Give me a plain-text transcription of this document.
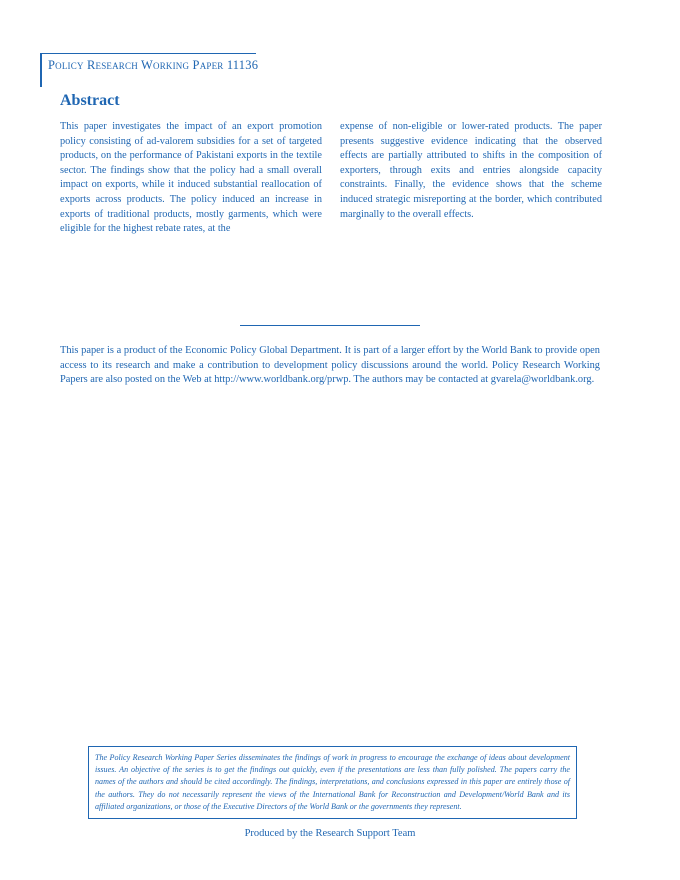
Policy Research Working Paper 11136
Abstract

This paper investigates the impact of an export promotion policy consisting of ad-valorem subsidies for a set of targeted products, on the performance of Pakistani exports in the textile sector. The findings show that the policy had a small overall impact on exports, while it induced substantial reallocation of exports across products. The policy induced an increase in exports of traditional products, mostly garments, which were eligible for the highest rebate rates, at the

expense of non-eligible or lower-rated products. The paper presents suggestive evidence indicating that the observed effects are partially attributed to shifts in the composition of exporters, through exits and entries alongside capacity constraints. Finally, the evidence shows that the scheme induced strategic misreporting at the border, which contributed marginally to the overall effects.

This paper is a product of the Economic Policy Global Department. It is part of a larger effort by the World Bank to provide open access to its research and make a contribution to development policy discussions around the world. Policy Research Working Papers are also posted on the Web at http://www.worldbank.org/prwp. The authors may be contacted at gvarela@worldbank.org.

The Policy Research Working Paper Series disseminates the findings of work in progress to encourage the exchange of ideas about development issues. An objective of the series is to get the findings out quickly, even if the presentations are less than fully polished. The papers carry the names of the authors and should be cited accordingly. The findings, interpretations, and conclusions expressed in this paper are entirely those of the authors. They do not necessarily represent the views of the International Bank for Reconstruction and Development/World Bank and its affiliated organizations, or those of the Executive Directors of the World Bank or the governments they represent.

Produced by the Research Support Team
